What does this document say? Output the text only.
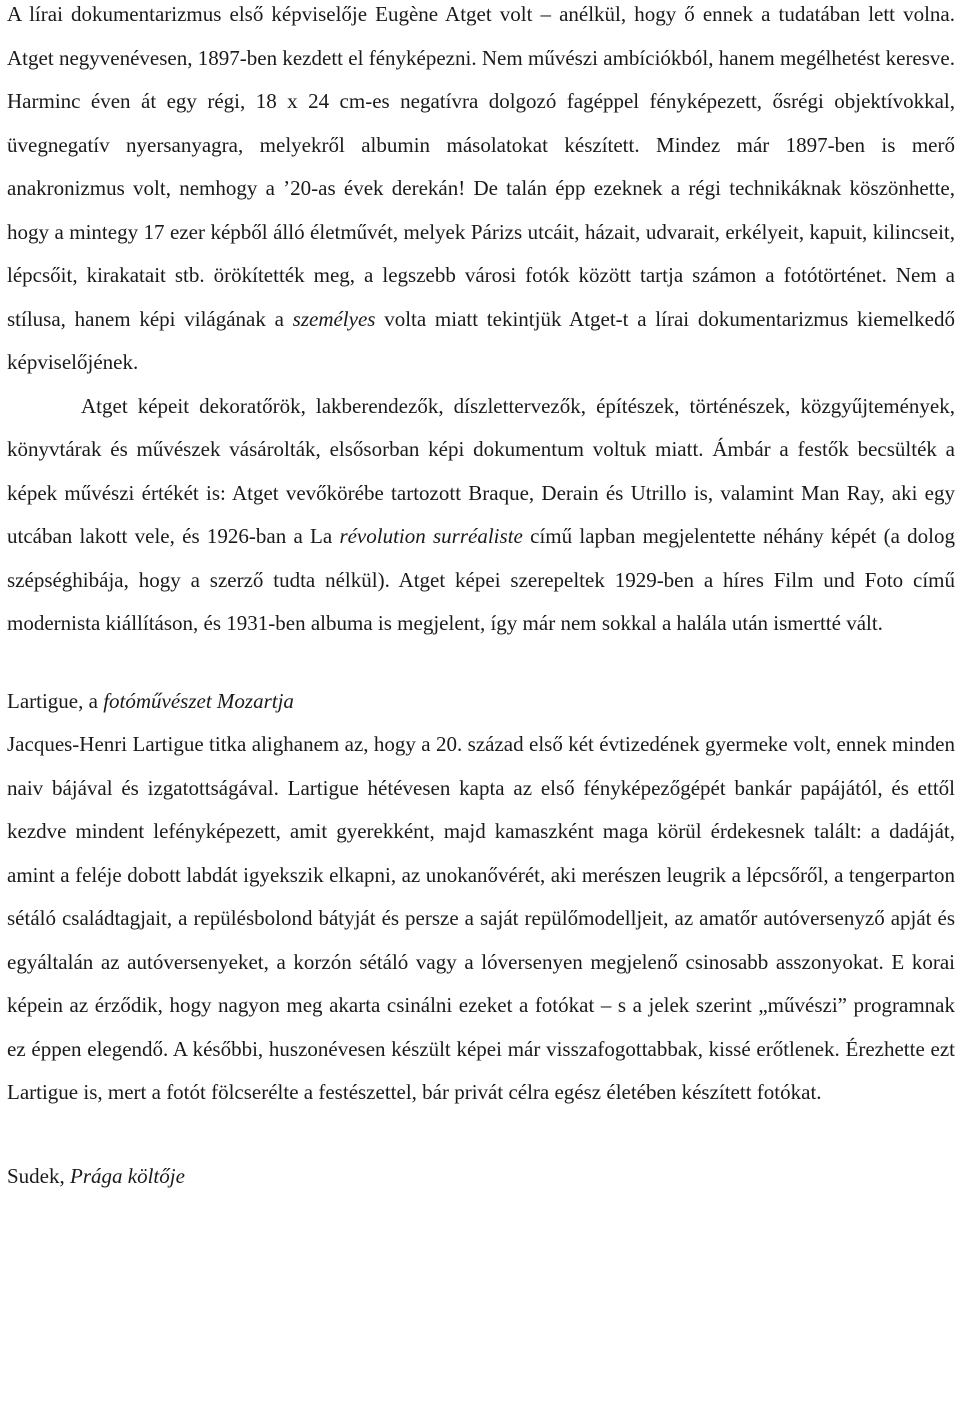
A lírai dokumentarizmus első képviselője Eugène Atget volt – anélkül, hogy ő ennek a tudatában lett volna. Atget negyvenévesen, 1897-ben kezdett el fényképezni. Nem művészi ambíciókból, hanem megélhetést keresve. Harminc éven át egy régi, 18 x 24 cm-es negatívra dolgozó fagéppel fényképezett, ősrégi objektívokkal, üvegnegatív nyersanyagra, melyekről albumin másolatokat készített. Mindez már 1897-ben is merő anakronizmus volt, nemhogy a ’20-as évek derekán! De talán épp ezeknek a régi technikáknak köszönhette, hogy a mintegy 17 ezer képből álló életművét, melyek Párizs utcáit, házait, udvarait, erkélyeit, kapuit, kilincseit, lépcsőit, kirakatait stb. örökítették meg, a legszebb városi fotók között tartja számon a fotótörténet. Nem a stílusa, hanem képi világának a személyes volta miatt tekintjük Atget-t a lírai dokumentarizmus kiemelkedő képviselőjének.

Atget képeit dekoratőrök, lakberendezők, díszlettervezők, építészek, történészek, közgyűjtemények, könyvtárak és művészek vásárolták, elsősorban képi dokumentum voltuk miatt. Ámbár a festők becsülték a képek művészi értékét is: Atget vevőkörébe tartozott Braque, Derain és Utrillo is, valamint Man Ray, aki egy utcában lakott vele, és 1926-ban a La révolution surréaliste című lapban megjelentette néhány képét (a dolog szépséghibája, hogy a szerző tudta nélkül). Atget képei szerepeltek 1929-ben a híres Film und Foto című modernista kiállításon, és 1931-ben albuma is megjelent, így már nem sokkal a halála után ismertté vált.

Lartigue, a fotóművészet Mozartja

Jacques-Henri Lartigue titka alighanem az, hogy a 20. század első két évtizedének gyermeke volt, ennek minden naiv bájával és izgatottságával. Lartigue hétévesen kapta az első fényképezőgépét bankár papájától, és ettől kezdve mindent lefényképezett, amit gyerekként, majd kamaszként maga körül érdekesnek talált: a dadáját, amint a feléje dobott labdát igyekszik elkapni, az unokanővérét, aki merészen leugrik a lépcsőről, a tengerparton sétáló családtagjait, a repülésbolond bátyját és persze a saját repülőmodelljeit, az amatőr autóversenyző apját és egyáltalán az autóversenyeket, a korzón sétáló vagy a lóversenyen megjelenő csinosabb asszonyokat. E korai képein az érződik, hogy nagyon meg akarta csinálni ezeket a fotókat – s a jelek szerint „művészi” programnak ez éppen elegendő. A későbbi, huszonévesen készült képei már visszafogottabbak, kissé erőtlenek. Érezhette ezt Lartigue is, mert a fotót fölcserélte a festészettel, bár privát célra egész életében készített fotókat.

Sudek, Prága költője
